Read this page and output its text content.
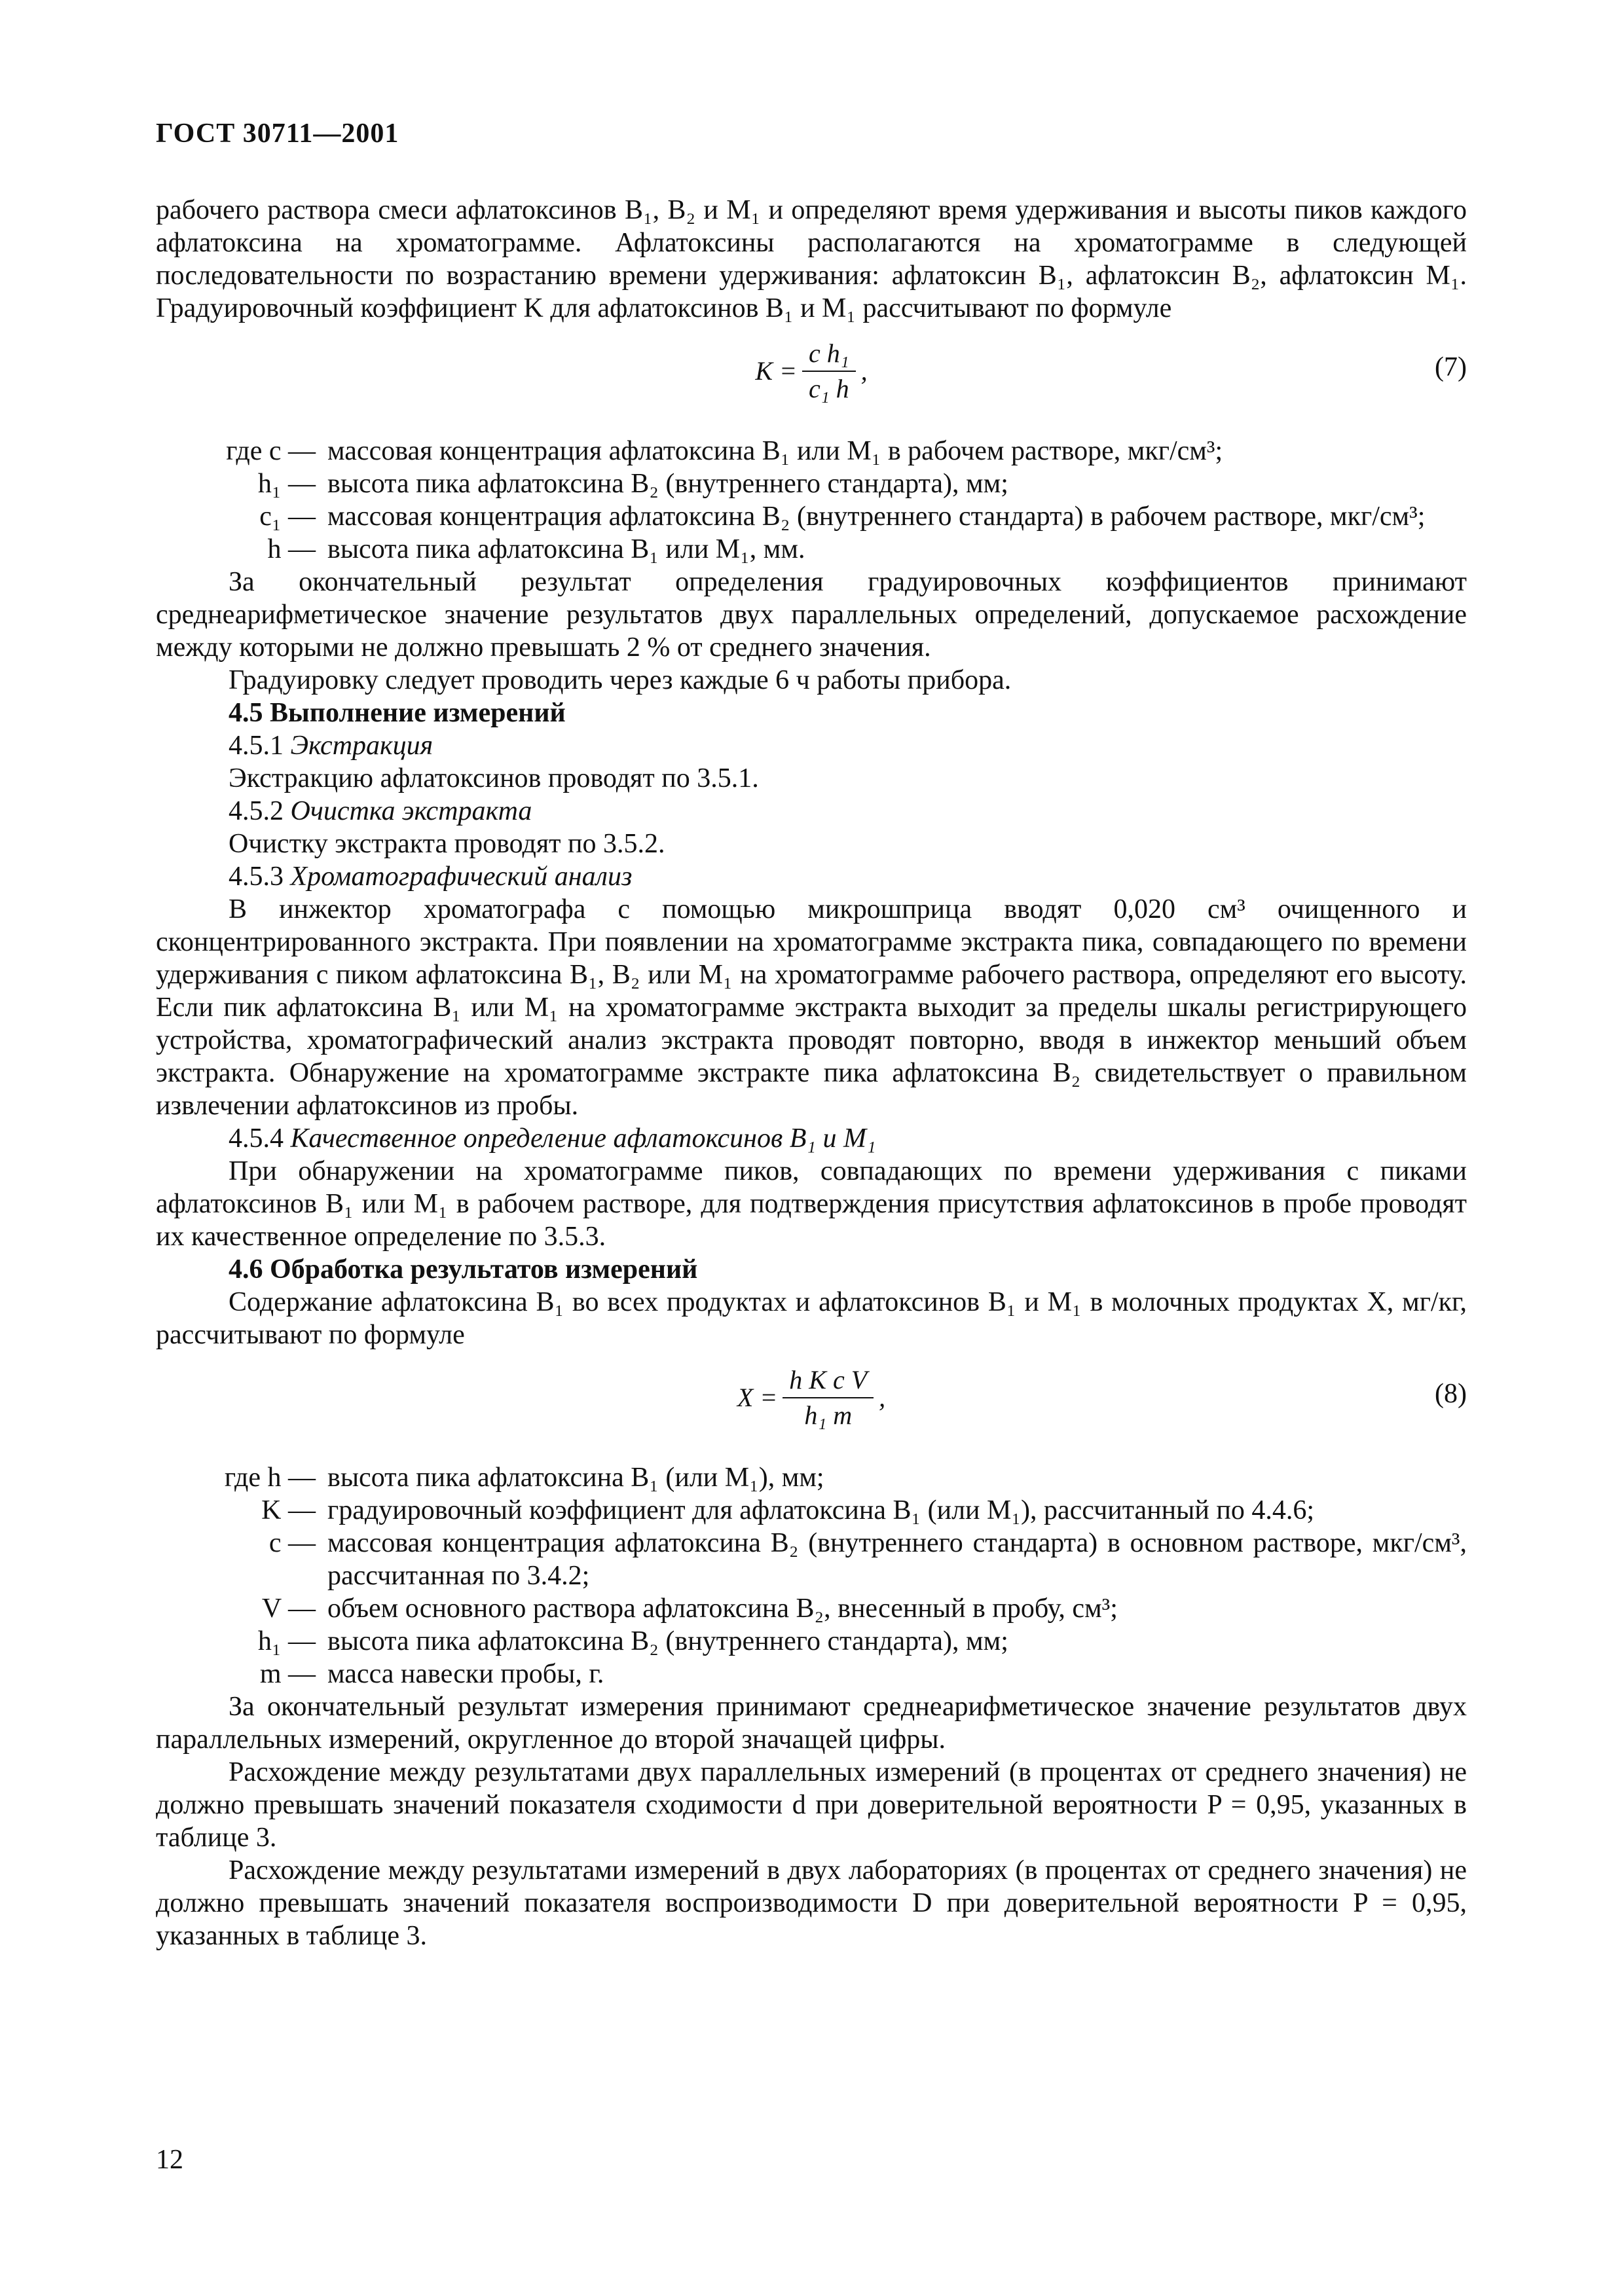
ГОСТ 30711—2001

рабочего раствора смеси афлатоксинов B₁, B₂ и M₁ и определяют время удерживания и высоты пиков каждого афлатоксина на хроматограмме. Афлатоксины располагаются на хроматограмме в следующей последовательности по возрастанию времени удерживания: афлатоксин B₁, афлатоксин B₂, афлатоксин M₁. Градуировочный коэффициент K для афлатоксинов B₁ и M₁ рассчитывают по формуле

$K = \frac{\text{c h₁}}{\text{c₁ h}}$ ,	(7)
где c — массовая концентрация афлатоксина B₁ или M₁ в рабочем растворе, мкг/см³;
h₁ — высота пика афлатоксина B₂ (внутреннего стандарта), мм;
c₁ — массовая концентрация афлатоксина B₂ (внутреннего стандарта) в рабочем растворе, мкг/см³;
h — высота пика афлатоксина B₁ или M₁, мм.

За окончательный результат определения градуировочных коэффициентов принимают среднеарифметическое значение результатов двух параллельных определений, допускаемое расхождение между которыми не должно превышать 2 % от среднего значения.

Градуировку следует проводить через каждые 6 ч работы прибора.

4.5 Выполнение измерений

4.5.1 Экстракция

Экстракцию афлатоксинов проводят по 3.5.1.

4.5.2 Очистка экстракта

Очистку экстракта проводят по 3.5.2.

4.5.3 Хроматографический анализ

В инжектор хроматографа с помощью микрошприца вводят 0,020 см³ очищенного и сконцентрированного экстракта. При появлении на хроматограмме экстракта пика, совпадающего по времени удерживания с пиком афлатоксина B₁, B₂ или M₁ на хроматограмме рабочего раствора, определяют его высоту. Если пик афлатоксина B₁ или M₁ на хроматограмме экстракта выходит за пределы шкалы регистрирующего устройства, хроматографический анализ экстракта проводят повторно, вводя в инжектор меньший объем экстракта. Обнаружение на хроматограмме экстракте пика афлатоксина B₂ свидетельствует о правильном извлечении афлатоксинов из пробы.

4.5.4 Качественное определение афлатоксинов B₁ и M₁

При обнаружении на хроматограмме пиков, совпадающих по времени удерживания с пиками афлатоксинов B₁ или M₁ в рабочем растворе, для подтверждения присутствия афлатоксинов в пробе проводят их качественное определение по 3.5.3.

4.6 Обработка результатов измерений

Содержание афлатоксина B₁ во всех продуктах и афлатоксинов B₁ и M₁ в молочных продуктах X, мг/кг, рассчитывают по формуле

$X = \frac{\text{h K c V}}{\text{h₁ m}}$ ,	(8)
где h — высота пика афлатоксина B₁ (или M₁), мм;
K — градуировочный коэффициент для афлатоксина B₁ (или M₁), рассчитанный по 4.4.6;
c — массовая концентрация афлатоксина B₂ (внутреннего стандарта) в основном растворе, мкг/см³, рассчитанная по 3.4.2;
V — объем основного раствора афлатоксина B₂, внесенный в пробу, см³;
h₁ — высота пика афлатоксина B₂ (внутреннего стандарта), мм;
m — масса навески пробы, г.

За окончательный результат измерения принимают среднеарифметическое значение результатов двух параллельных измерений, округленное до второй значащей цифры.

Расхождение между результатами двух параллельных измерений (в процентах от среднего значения) не должно превышать значений показателя сходимости d при доверительной вероятности P = 0,95, указанных в таблице 3.

Расхождение между результатами измерений в двух лабораториях (в процентах от среднего значения) не должно превышать значений показателя воспроизводимости D при доверительной вероятности P = 0,95, указанных в таблице 3.

12
